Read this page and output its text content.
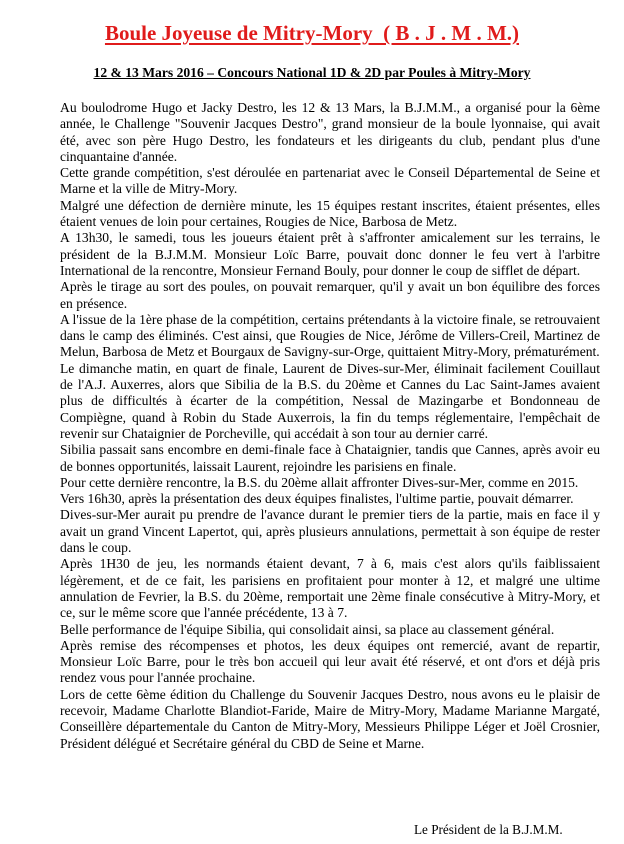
Boule Joyeuse de Mitry-Mory  ( B . J . M . M.)
12 & 13 Mars 2016 – Concours National 1D & 2D par Poules à Mitry-Mory

Au boulodrome Hugo et Jacky Destro, les 12 & 13 Mars, la B.J.M.M., a organisé pour la 6ème année, le Challenge "Souvenir Jacques Destro", grand monsieur de la boule lyonnaise, qui avait été, avec son père Hugo Destro, les fondateurs et les dirigeants du club, pendant plus d'une cinquantaine d'année.

Cette grande compétition, s'est déroulée en partenariat avec le Conseil Départemental de Seine et Marne et la ville de Mitry-Mory.

Malgré une défection de dernière minute, les 15 équipes restant inscrites, étaient présentes, elles étaient venues de loin pour certaines, Rougies de Nice, Barbosa de Metz.

A 13h30, le samedi, tous les joueurs étaient prêt à s'affronter amicalement sur les terrains, le président de la B.J.M.M. Monsieur Loïc Barre, pouvait donc donner le feu vert à l'arbitre International de la rencontre, Monsieur Fernand Bouly, pour donner le coup de sifflet de départ.

Après le tirage au sort des poules, on pouvait remarquer, qu'il y avait un bon équilibre des forces en présence.

A l'issue de la 1ère phase de la compétition, certains prétendants à la victoire finale, se retrouvaient dans le camp des éliminés. C'est ainsi, que Rougies de Nice, Jérôme de Villers-Creil, Martinez de Melun, Barbosa de Metz et Bourgaux de Savigny-sur-Orge, quittaient Mitry-Mory, prématurément.

Le dimanche matin, en quart de finale, Laurent de Dives-sur-Mer, éliminait facilement Couillaut de l'A.J. Auxerres, alors que Sibilia de la B.S. du 20ème et Cannes du Lac Saint-James avaient plus de difficultés à écarter de la compétition, Nessal de Mazingarbe et Bondonneau de Compiègne, quand à Robin du Stade Auxerrois, la fin du temps réglementaire, l'empêchait de revenir sur Chataignier de Porcheville, qui accédait à son tour au dernier carré.

Sibilia passait sans encombre en demi-finale face à Chataignier, tandis que Cannes, après avoir eu de bonnes opportunités, laissait Laurent, rejoindre les parisiens en finale.

Pour cette dernière rencontre, la B.S. du 20ème allait affronter Dives-sur-Mer, comme en 2015.

Vers 16h30, après la présentation des deux équipes finalistes, l'ultime partie, pouvait démarrer.

Dives-sur-Mer aurait pu prendre de l'avance durant le premier tiers de la partie, mais en face il y avait un grand Vincent Lapertot, qui, après plusieurs annulations, permettait à son équipe de rester dans le coup.

Après 1H30 de jeu, les normands étaient devant, 7 à 6, mais c'est alors qu'ils faiblissaient légèrement, et de ce fait, les parisiens en profitaient pour monter à 12, et malgré une ultime annulation de Fevrier, la B.S. du 20ème, remportait une 2ème finale consécutive à Mitry-Mory, et ce, sur le même score que l'année précédente, 13 à 7.

Belle performance de l'équipe Sibilia, qui consolidait ainsi, sa place au classement général.

Après remise des récompenses et photos, les deux équipes ont remercié, avant de repartir, Monsieur Loïc Barre, pour le très bon accueil qui leur avait été réservé, et ont d'ors et déjà pris rendez vous pour l'année prochaine.

Lors de cette 6ème édition du Challenge du Souvenir Jacques Destro, nous avons eu le plaisir de recevoir, Madame Charlotte Blandiot-Faride, Maire de Mitry-Mory, Madame Marianne Margaté, Conseillère départementale du Canton de Mitry-Mory, Messieurs Philippe Léger et Joël Crosnier, Président délégué et Secrétaire général du CBD de Seine et Marne.

Le Président de la B.J.M.M.
